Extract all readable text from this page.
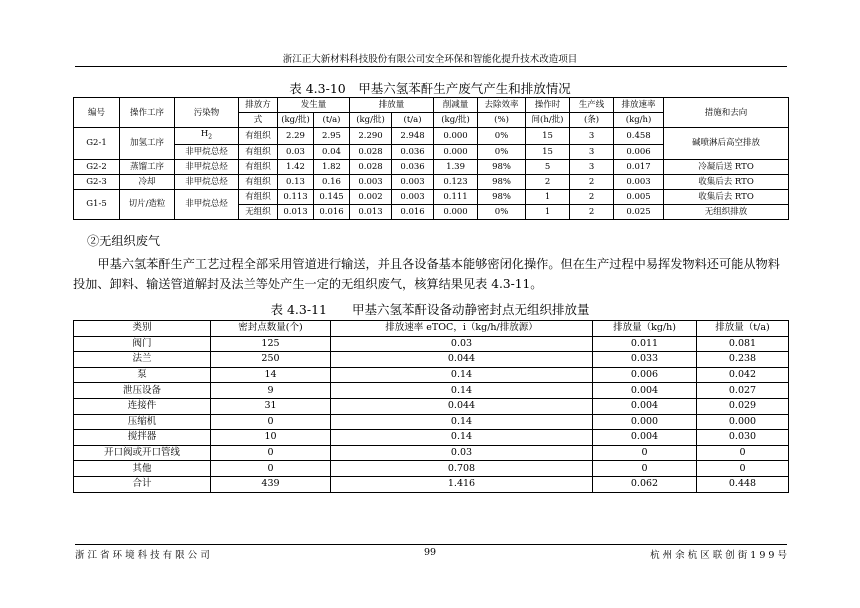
浙江正大新材料科技股份有限公司安全环保和智能化提升技术改造项目
表 4.3-10　甲基六氢苯酐生产废气产生和排放情况
编号	操作工序	污染物	排放方	发生量		排放量		削减量	去除效率	操作时	生产线	排放速率	措施和去向
			式	(kg/批)	(t/a)	(kg/批)	(t/a)	(kg/批)	(%)	间(h/批)	(条)	(kg/h)	
G2-1	加氢工序	$H_2$	有组织	2.29	2.95	2.290	2.948	0.000	0%	15	3	0.458	碱喷淋后高空排放
		非甲烷总烃	有组织	0.03	0.04	0.028	0.036	0.000	0%	15	3	0.006	
G2-2	蒸馏工序	非甲烷总烃	有组织	1.42	1.82	0.028	0.036	1.39	98%	5	3	0.017	冷凝后送 RTO
G2-3	冷却	非甲烷总烃	有组织	0.13	0.16	0.003	0.003	0.123	98%	2	2	0.003	收集后去 RTO
G1-5	切片/造粒	非甲烷总烃	有组织	0.113	0.145	0.002	0.003	0.111	98%	1	2	0.005	收集后去 RTO
			无组织	0.013	0.016	0.013	0.016	0.000	0%	1	2	0.025	无组织排放
②无组织废气
甲基六氢苯酐生产工艺过程全部采用管道进行输送，并且各设备基本能够密闭化操作。但在生产过程中易挥发物料还可能从物料投加、卸料、输送管道解封及法兰等处产生一定的无组织废气，核算结果见表 4.3-11。
表 4.3-11　　甲基六氢苯酐设备动静密封点无组织排放量
类别	密封点数量(个)	排放速率 eTOC，i（kg/h/排放源）	排放量（kg/h)	排放量（t/a)
阀门	125	0.03	0.011	0.081
法兰	250	0.044	0.033	0.238
泵	14	0.14	0.006	0.042
泄压设备	9	0.14	0.004	0.027
连接件	31	0.044	0.004	0.029
压缩机	0	0.14	0.000	0.000
搅拌器	10	0.14	0.004	0.030
开口阀或开口管线	0	0.03	0	0
其他	0	0.708	0	0
合计	439	1.416	0.062	0.448
浙 江 省 环 境 科 技 有 限 公 司	99	杭 州 余 杭 区 联 创 街 1 9 9 号
